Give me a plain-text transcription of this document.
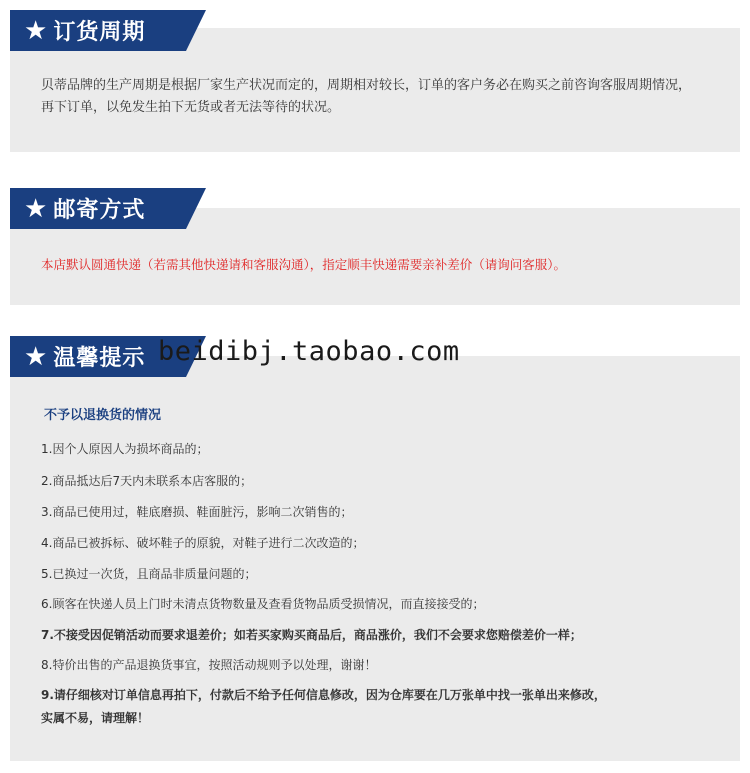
★ 订货周期
贝蒂品牌的生产周期是根据厂家生产状况而定的，周期相对较长，订单的客户务必在购买之前咨询客服周期情况，
再下订单，以免发生拍下无货或者无法等待的状况。
★ 邮寄方式
本店默认圆通快递（若需其他快递请和客服沟通），指定顺丰快递需要亲补差价（请询问客服）。
★ 温馨提示 beidibj.taobao.com
不予以退换货的情况
1.因个人原因人为损坏商品的；
2.商品抵达后7天内未联系本店客服的；
3.商品已使用过，鞋底磨损、鞋面脏污，影响二次销售的；
4.商品已被拆标、破坏鞋子的原貌，对鞋子进行二次改造的；
5.已换过一次货，且商品非质量问题的；
6.顾客在快递人员上门时未清点货物数量及查看货物品质受损情况，而直接接受的；
7.不接受因促销活动而要求退差价；如若买家购买商品后，商品涨价，我们不会要求您赔偿差价一样；
8.特价出售的产品退换货事宜，按照活动规则予以处理，谢谢！
9.请仔细核对订单信息再拍下，付款后不给予任何信息修改，因为仓库要在几万张单中找一张单出来修改，
实属不易，请理解！
